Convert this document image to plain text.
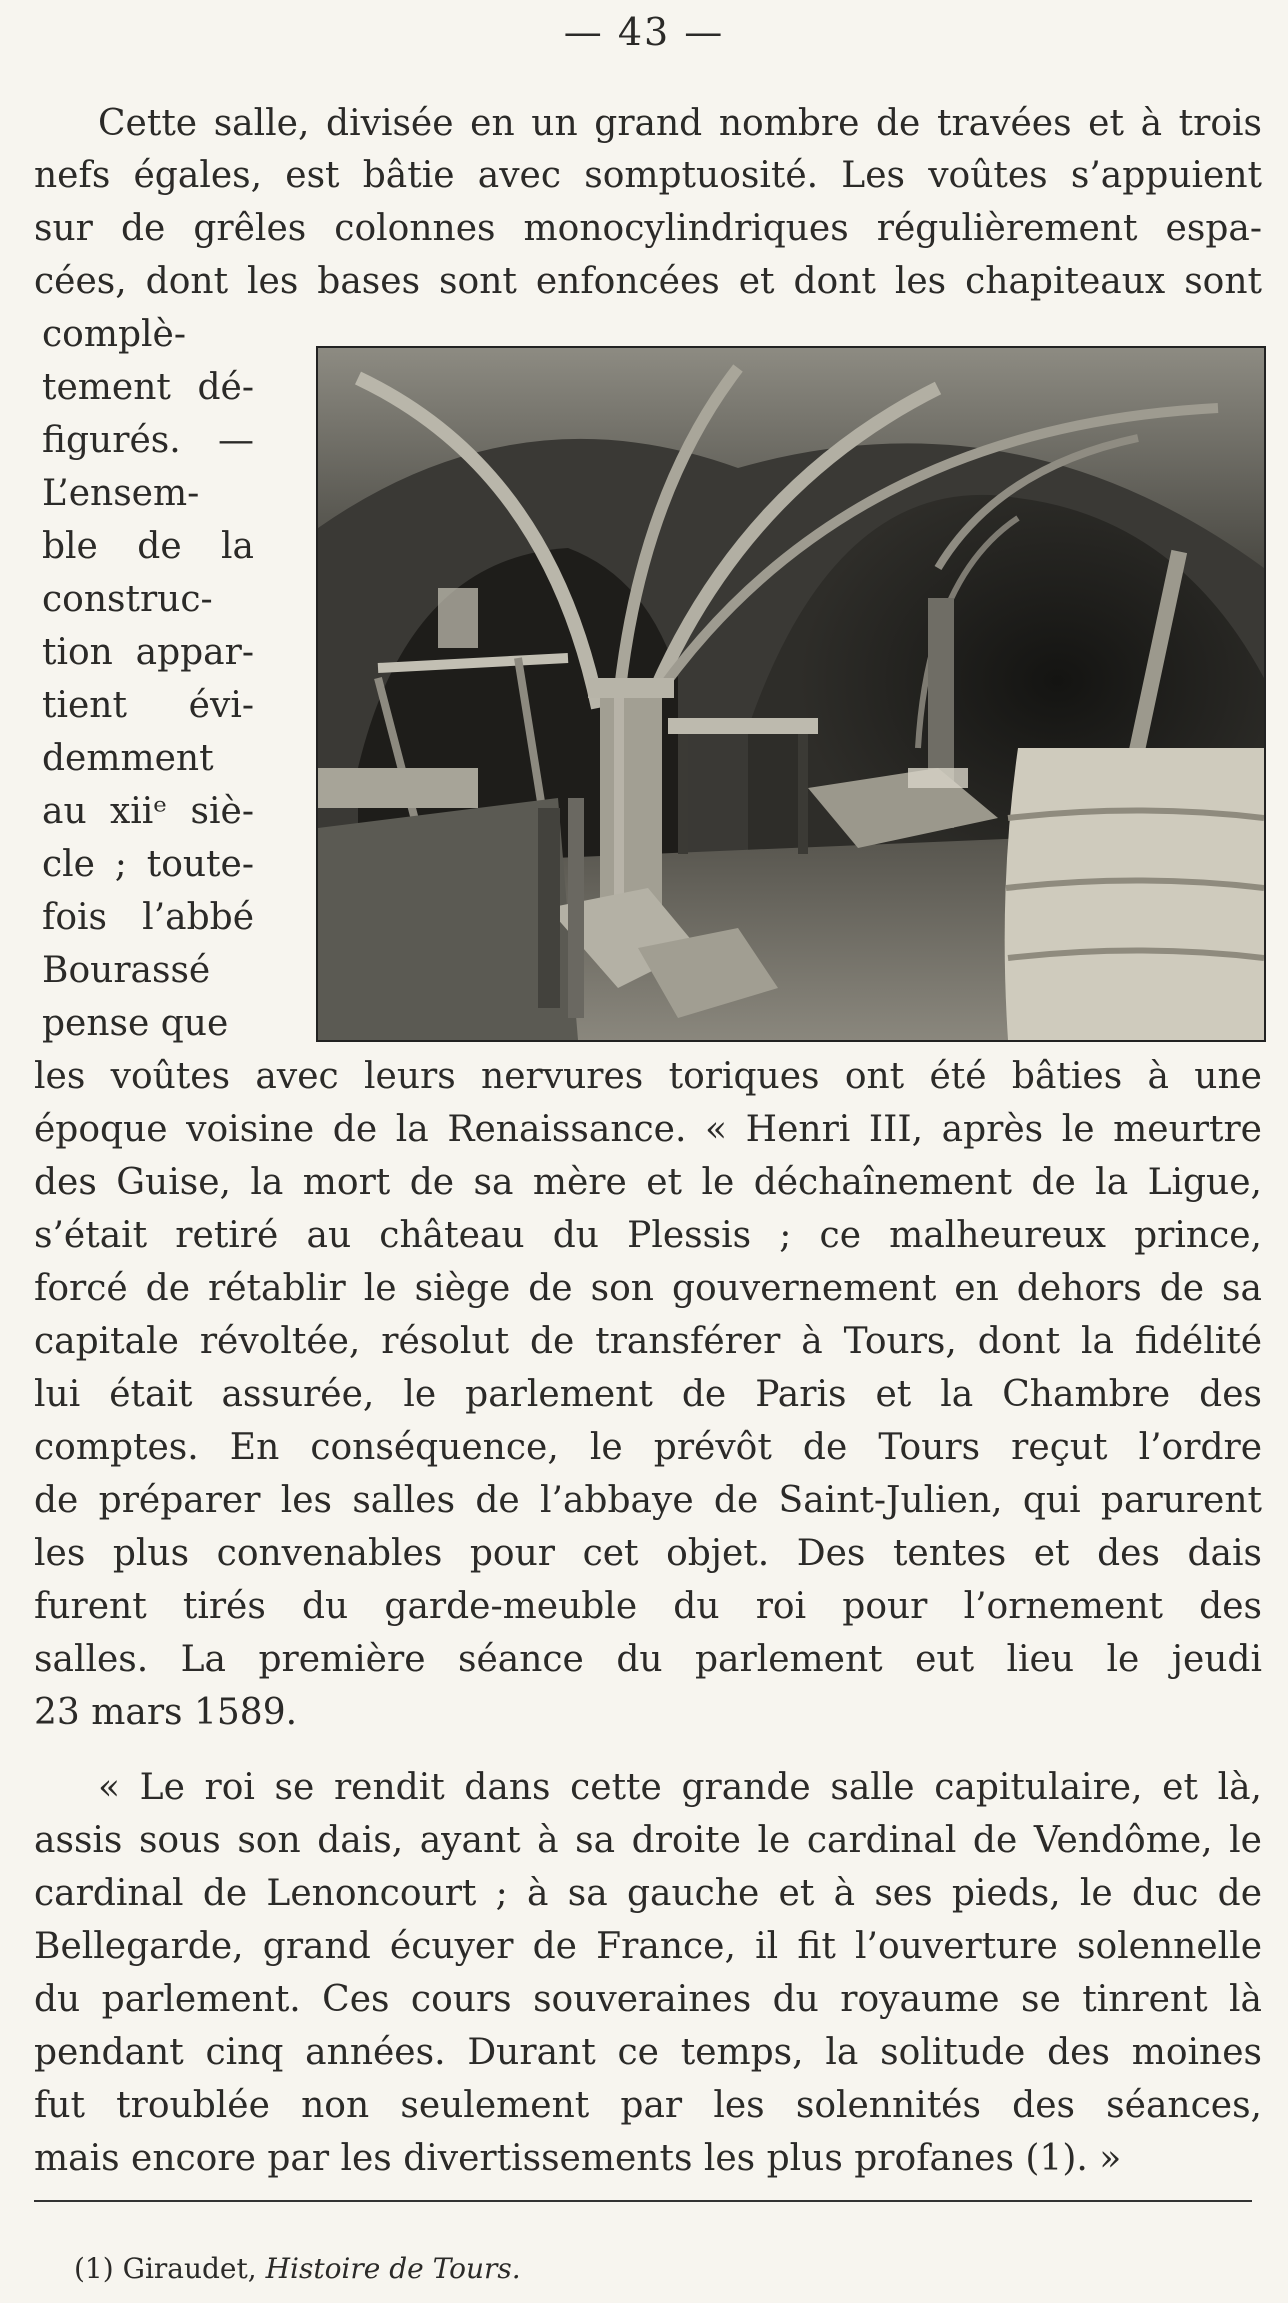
— 43 —
Cette salle, divisée en un grand nombre de travées et à trois
nefs égales, est bâtie avec somptuosité. Les voûtes s’appuient
sur de grêles colonnes monocylindriques régulièrement espa-
cées, dont les bases sont enfoncées et dont les chapiteaux sont
complè-
tement dé-
figurés. —
L’ensem-
ble de la
construc-
tion appar-
tient évi-
demment
au xiiᵉ siè-
cle ; toute-
fois l’abbé
Bourassé
pense que
les voûtes avec leurs nervures toriques ont été bâties à une
époque voisine de la Renaissance. « Henri III, après le meurtre
des Guise, la mort de sa mère et le déchaînement de la Ligue,
s’était retiré au château du Plessis ; ce malheureux prince,
forcé de rétablir le siège de son gouvernement en dehors de sa
capitale révoltée, résolut de transférer à Tours, dont la fidélité
lui était assurée, le parlement de Paris et la Chambre des
comptes. En conséquence, le prévôt de Tours reçut l’ordre
de préparer les salles de l’abbaye de Saint-Julien, qui parurent
les plus convenables pour cet objet. Des tentes et des dais
furent tirés du garde-meuble du roi pour l’ornement des
salles. La première séance du parlement eut lieu le jeudi
23 mars 1589.
« Le roi se rendit dans cette grande salle capitulaire, et là,
assis sous son dais, ayant à sa droite le cardinal de Vendôme, le
cardinal de Lenoncourt ; à sa gauche et à ses pieds, le duc de
Bellegarde, grand écuyer de France, il fit l’ouverture solennelle
du parlement. Ces cours souveraines du royaume se tinrent là
pendant cinq années. Durant ce temps, la solitude des moines
fut troublée non seulement par les solennités des séances,
mais encore par les divertissements les plus profanes (1). »
(1) Giraudet, Histoire de Tours.
